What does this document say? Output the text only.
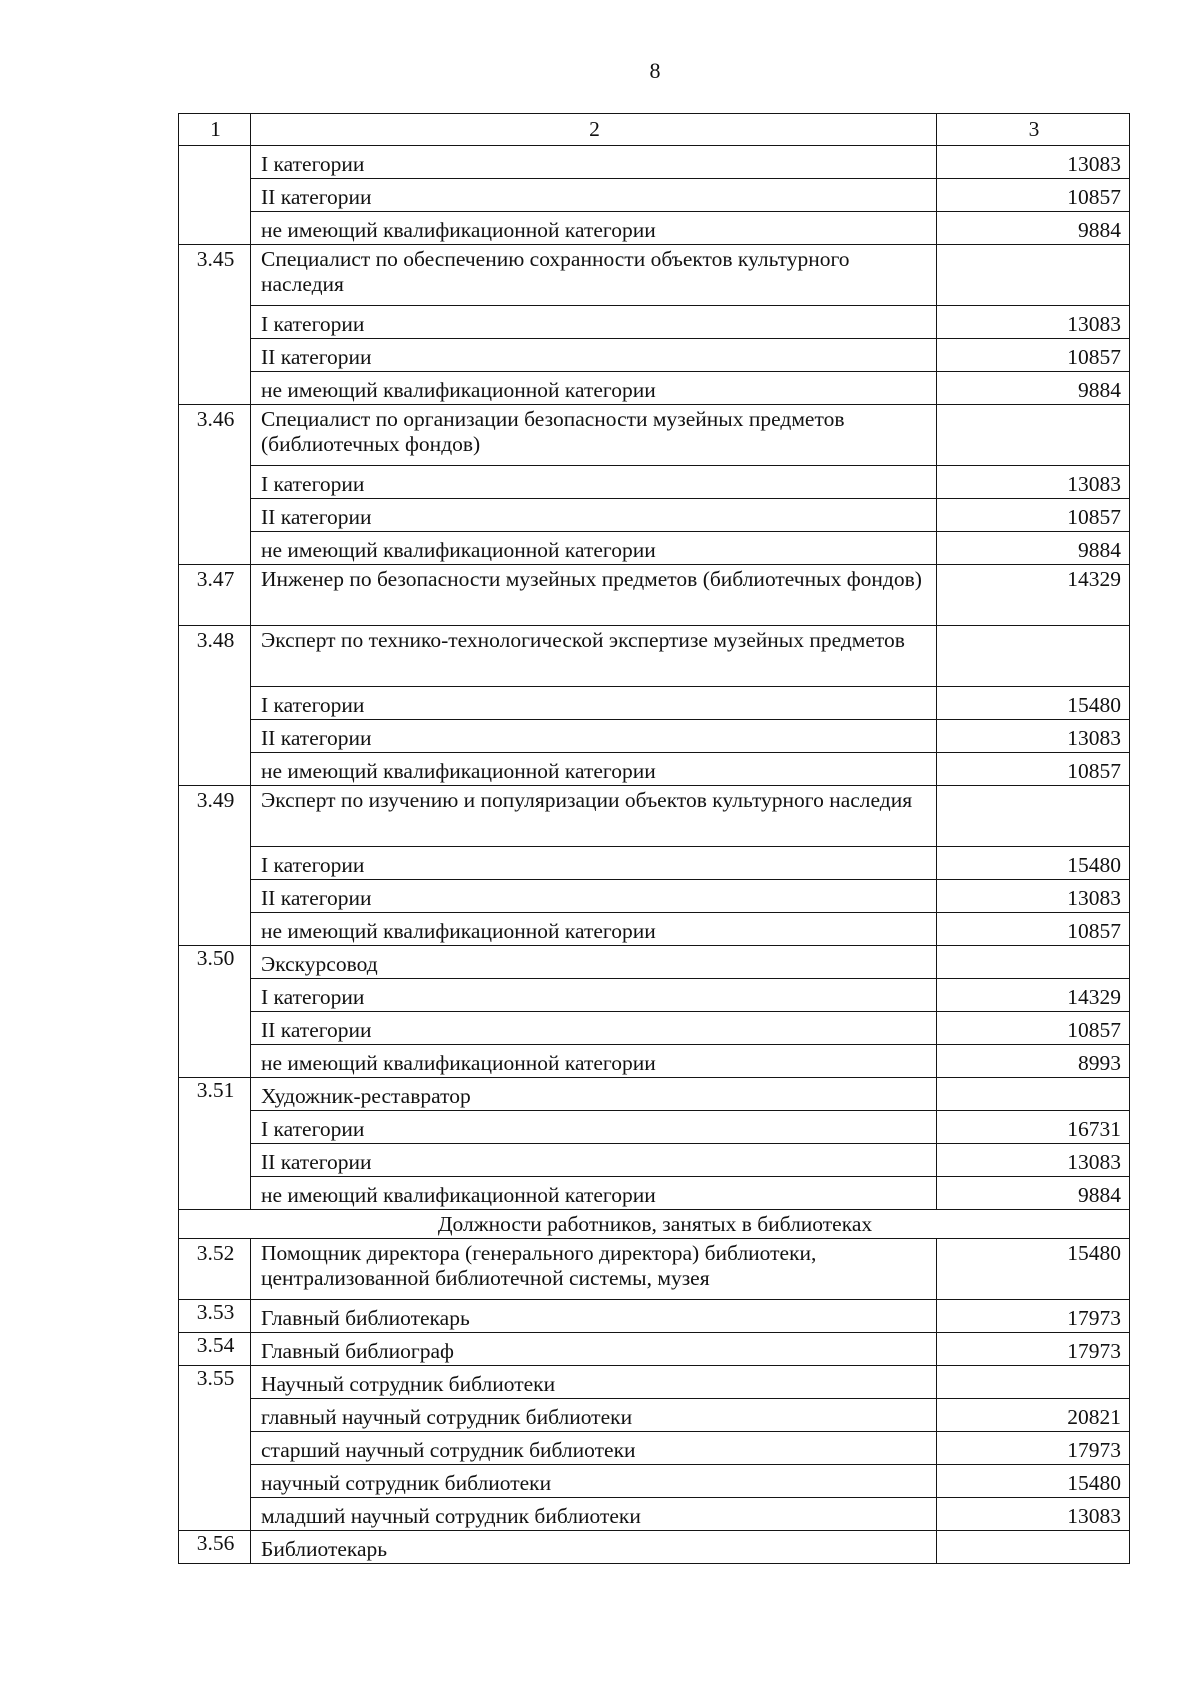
8
1	2	3
	I категории	13083
	II категории	10857
	не имеющий квалификационной категории	9884
3.45	Специалист по обеспечению сохранности объектов культурного наследия	
	I категории	13083
	II категории	10857
	не имеющий квалификационной категории	9884
3.46	Специалист по организации безопасности музейных предметов (библиотечных фондов)	
	I категории	13083
	II категории	10857
	не имеющий квалификационной категории	9884
3.47	Инженер по безопасности музейных предметов (библиотечных фондов)	14329
3.48	Эксперт по технико-технологической экспертизе музейных предметов	
	I категории	15480
	II категории	13083
	не имеющий квалификационной категории	10857
3.49	Эксперт по изучению и популяризации объектов культурного наследия	
	I категории	15480
	II категории	13083
	не имеющий квалификационной категории	10857
3.50	Экскурсовод	
	I категории	14329
	II категории	10857
	не имеющий квалификационной категории	8993
3.51	Художник-реставратор	
	I категории	16731
	II категории	13083
	не имеющий квалификационной категории	9884
Должности работников, занятых в библиотеках		
3.52	Помощник директора (генерального директора) библиотеки, централизованной библиотечной системы, музея	15480
3.53	Главный библиотекарь	17973
3.54	Главный библиограф	17973
3.55	Научный сотрудник библиотеки	
	главный научный сотрудник библиотеки	20821
	старший научный сотрудник библиотеки	17973
	научный сотрудник библиотеки	15480
	младший научный сотрудник библиотеки	13083
3.56	Библиотекарь	
